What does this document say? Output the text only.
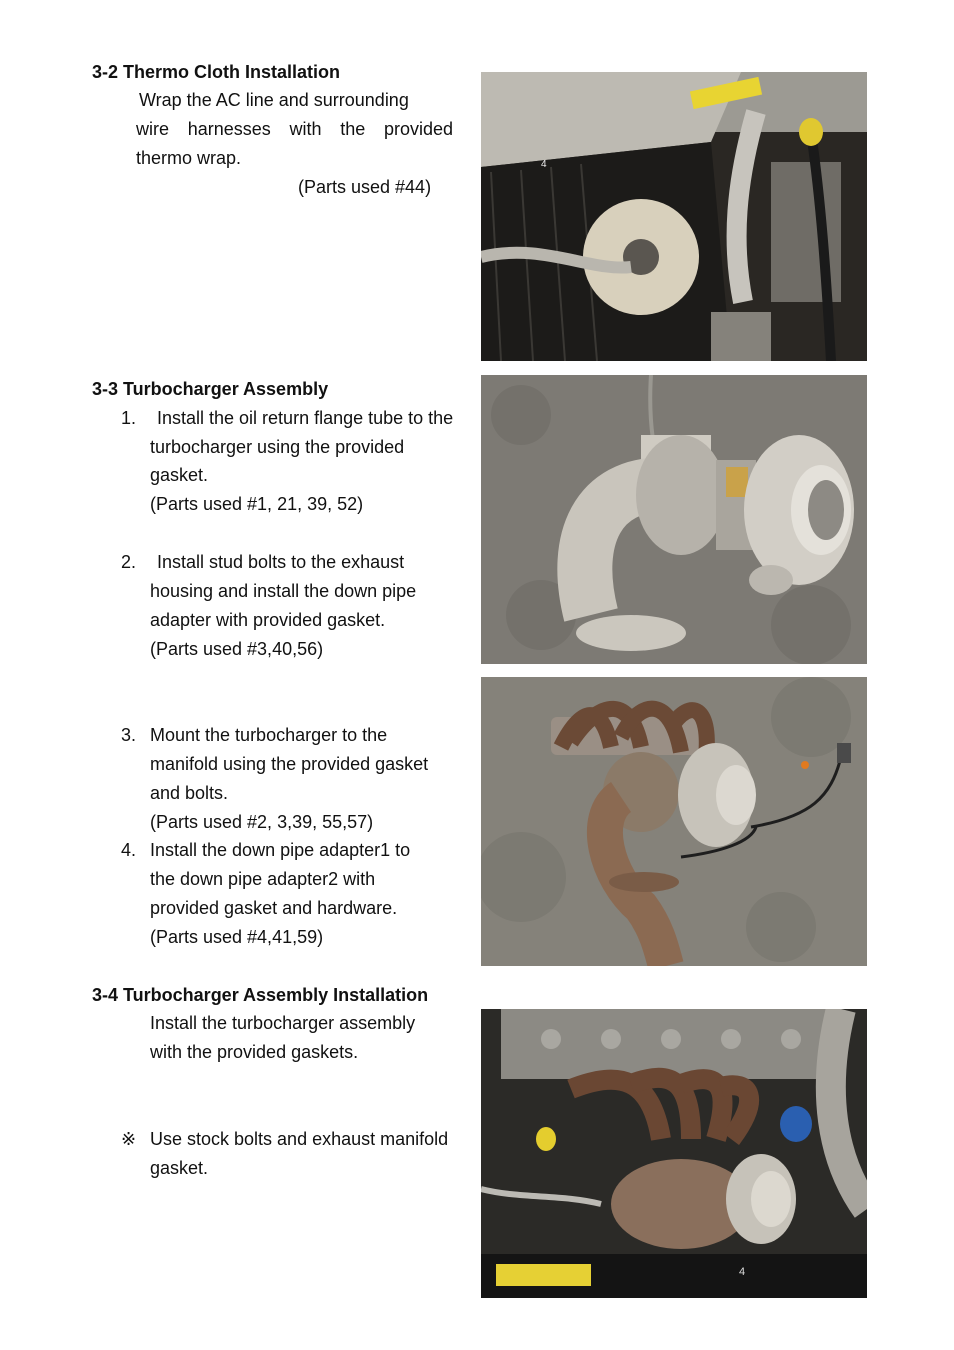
3-2 Thermo Cloth Installation
Wrap the AC line and surrounding
wire harnesses with the provided
thermo wrap.
(Parts used #44)
4
3-3 Turbocharger Assembly
1. Install the oil return flange tube to the
turbocharger using the provided
gasket.
(Parts used #1, 21, 39, 52)
2. Install stud bolts to the exhaust
housing and install the down pipe
adapter with provided gasket.
(Parts used #3,40,56)
3. Mount the turbocharger to the
manifold using the provided gasket
and bolts.
(Parts used #2, 3,39, 55,57)
4. Install the down pipe adapter1 to
the down pipe adapter2 with
provided gasket and hardware.
(Parts used #4,41,59)
3-4 Turbocharger Assembly Installation
Install the turbocharger assembly
with the provided gaskets.
※ Use stock bolts and exhaust manifold
gasket.
4
